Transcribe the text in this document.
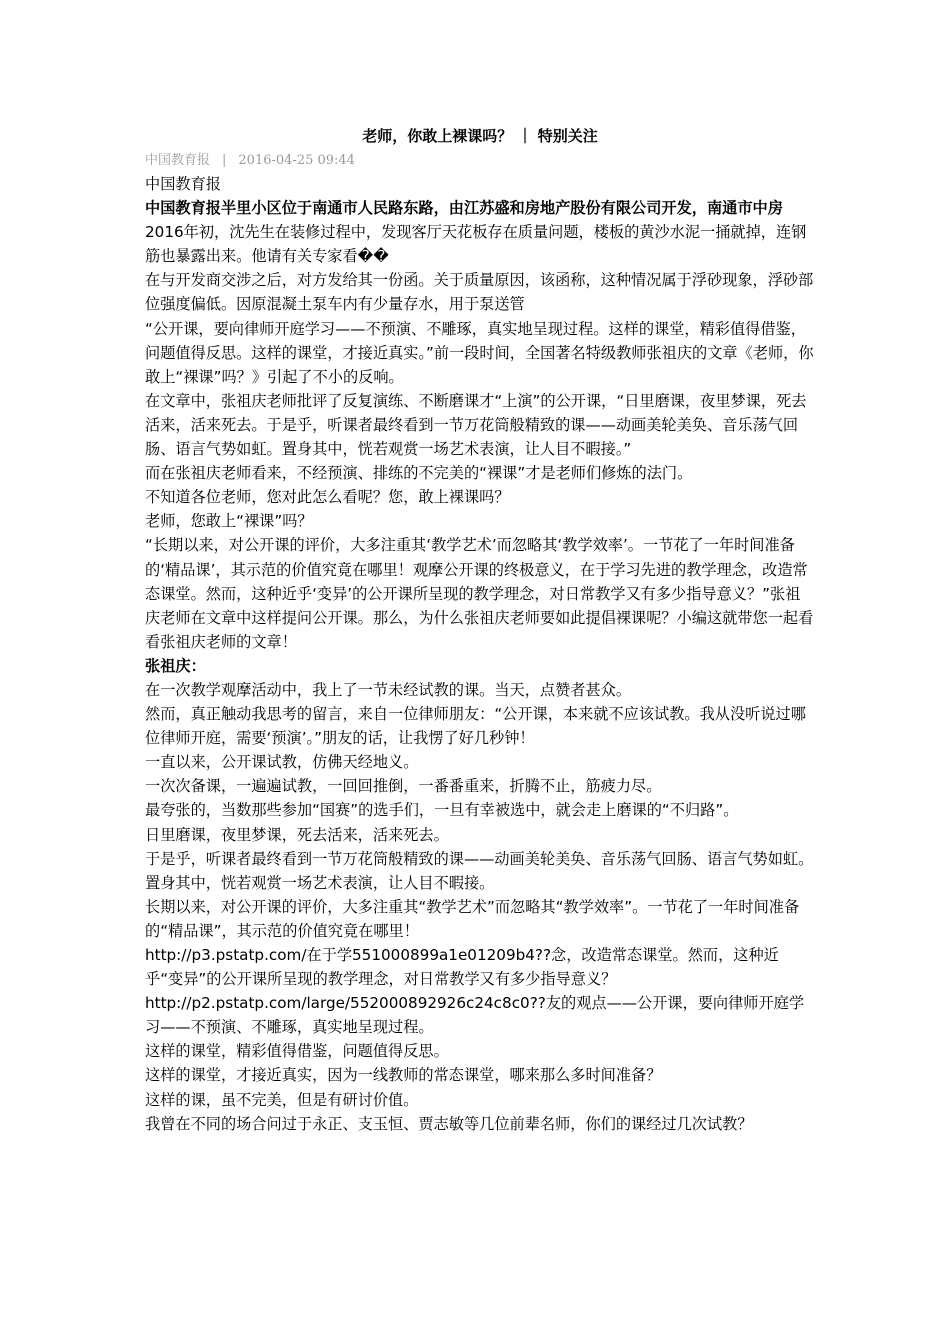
老师，你敢上裸课吗？ ｜ 特别关注
中国教育报 | 2016-04-25 09:44

中国教育报

中国教育报半里小区位于南通市人民路东路，由江苏盛和房地产股份有限公司开发，南通市中房

2016年初，沈先生在装修过程中，发现客厅天花板存在质量问题，楼板的黄沙水泥一捅就掉，连钢筋也暴露出来。他请有关专家看��

在与开发商交涉之后，对方发给其一份函。关于质量原因，该函称，这种情况属于浮砂现象，浮砂部位强度偏低。因原混凝土泵车内有少量存水，用于泵送管

“公开课，要向律师开庭学习——不预演、不雕琢，真实地呈现过程。这样的课堂，精彩值得借鉴，问题值得反思。这样的课堂，才接近真实。”前一段时间，全国著名特级教师张祖庆的文章《老师，你敢上“裸课”吗？》引起了不小的反响。

在文章中，张祖庆老师批评了反复演练、不断磨课才“上演”的公开课，“日里磨课，夜里梦课，死去活来，活来死去。于是乎，听课者最终看到一节万花筒般精致的课——动画美轮美奂、音乐荡气回肠、语言气势如虹。置身其中，恍若观赏一场艺术表演，让人目不暇接。”

而在张祖庆老师看来，不经预演、排练的不完美的“裸课”才是老师们修炼的法门。

不知道各位老师，您对此怎么看呢？您，敢上裸课吗？

老师，您敢上“裸课”吗？

“长期以来，对公开课的评价，大多注重其‘教学艺术’而忽略其‘教学效率’。一节花了一年时间准备的‘精品课’，其示范的价值究竟在哪里！观摩公开课的终极意义，在于学习先进的教学理念，改造常态课堂。然而，这种近乎‘变异’的公开课所呈现的教学理念，对日常教学又有多少指导意义？”张祖庆老师在文章中这样提问公开课。那么，为什么张祖庆老师要如此提倡裸课呢？小编这就带您一起看看张祖庆老师的文章！

张祖庆：

在一次教学观摩活动中，我上了一节未经试教的课。当天，点赞者甚众。

然而，真正触动我思考的留言，来自一位律师朋友：“公开课，本来就不应该试教。我从没听说过哪位律师开庭，需要‘预演’。”朋友的话，让我愣了好几秒钟！

一直以来，公开课试教，仿佛天经地义。

一次次备课，一遍遍试教，一回回推倒，一番番重来，折腾不止，筋疲力尽。

最夸张的，当数那些参加“国赛”的选手们，一旦有幸被选中，就会走上磨课的“不归路”。

日里磨课，夜里梦课，死去活来，活来死去。

于是乎，听课者最终看到一节万花筒般精致的课——动画美轮美奂、音乐荡气回肠、语言气势如虹。

置身其中，恍若观赏一场艺术表演，让人目不暇接。

长期以来，对公开课的评价，大多注重其“教学艺术”而忽略其“教学效率”。一节花了一年时间准备的“精品课”，其示范的价值究竟在哪里！

http://p3.pstatp.com/在于学551000899a1e01209b4??念，改造常态课堂。然而，这种近乎“变异”的公开课所呈现的教学理念，对日常教学又有多少指导意义？

http://p2.pstatp.com/large/552000892926c24c8c0??友的观点——公开课，要向律师开庭学习——不预演、不雕琢，真实地呈现过程。

这样的课堂，精彩值得借鉴，问题值得反思。

这样的课堂，才接近真实，因为一线教师的常态课堂，哪来那么多时间准备？

这样的课，虽不完美，但是有研讨价值。

我曾在不同的场合问过于永正、支玉恒、贾志敏等几位前辈名师，你们的课经过几次试教？
